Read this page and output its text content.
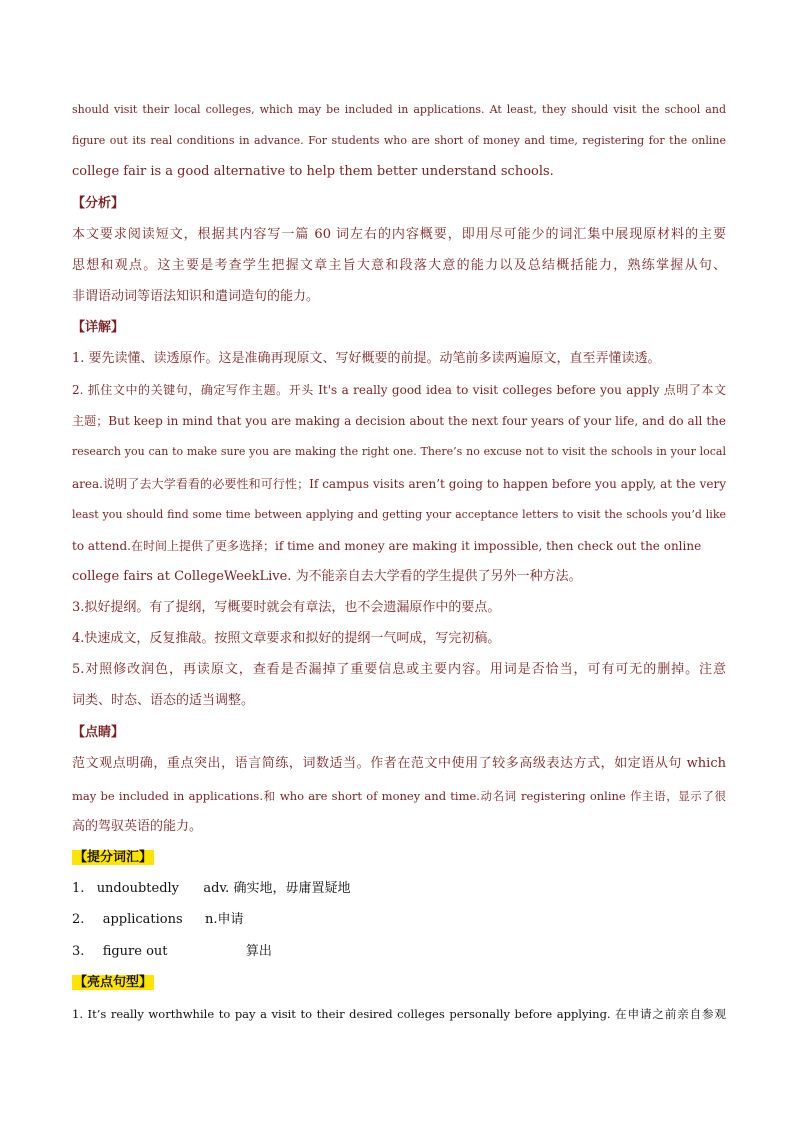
should visit their local colleges, which may be included in applications. At least, they should visit the school and
figure out its real conditions in advance. For students who are short of money and time, registering for the online
college fair is a good alternative to help them better understand schools.
【分析】
本文要求阅读短文，根据其内容写一篇 60 词左右的内容概要，即用尽可能少的词汇集中展现原材料的主要
思想和观点。这主要是考查学生把握文章主旨大意和段落大意的能力以及总结概括能力，熟练掌握从句、
非谓语动词等语法知识和遣词造句的能力。
【详解】
1. 要先读懂、读透原作。这是准确再现原文、写好概要的前提。动笔前多读两遍原文，直至弄懂读透。
2. 抓住文中的关键句，确定写作主题。开头 It's a really good idea to visit colleges before you apply 点明了本文
主题；But keep in mind that you are making a decision about the next four years of your life, and do all the
research you can to make sure you are making the right one. There’s no excuse not to visit the schools in your local
area.说明了去大学看看的必要性和可行性；If campus visits aren’t going to happen before you apply, at the very
least you should find some time between applying and getting your acceptance letters to visit the schools you’d like
to attend.在时间上提供了更多选择；if time and money are making it impossible, then check out the online
college fairs at CollegeWeekLive. 为不能亲自去大学看的学生提供了另外一种方法。
3.拟好提纲。有了提纲，写概要时就会有章法，也不会遗漏原作中的要点。
4.快速成文，反复推敲。按照文章要求和拟好的提纲一气呵成，写完初稿。
5.对照修改润色，再读原文，查看是否漏掉了重要信息或主要内容。用词是否恰当，可有可无的删掉。注意
词类、时态、语态的适当调整。
【点睛】
范文观点明确，重点突出，语言简练，词数适当。作者在范文中使用了较多高级表达方式，如定语从句 which
may be included in applications.和 who are short of money and time.动名词 registering online 作主语，显示了很
高的驾驭英语的能力。
【提分词汇】
1. undoubtedly adv. 确实地，毋庸置疑地
2. applications n.申请
3. figure out	算出
【亮点句型】
1. It’s really worthwhile to pay a visit to their desired colleges personally before applying. 在申请之前亲自参观
